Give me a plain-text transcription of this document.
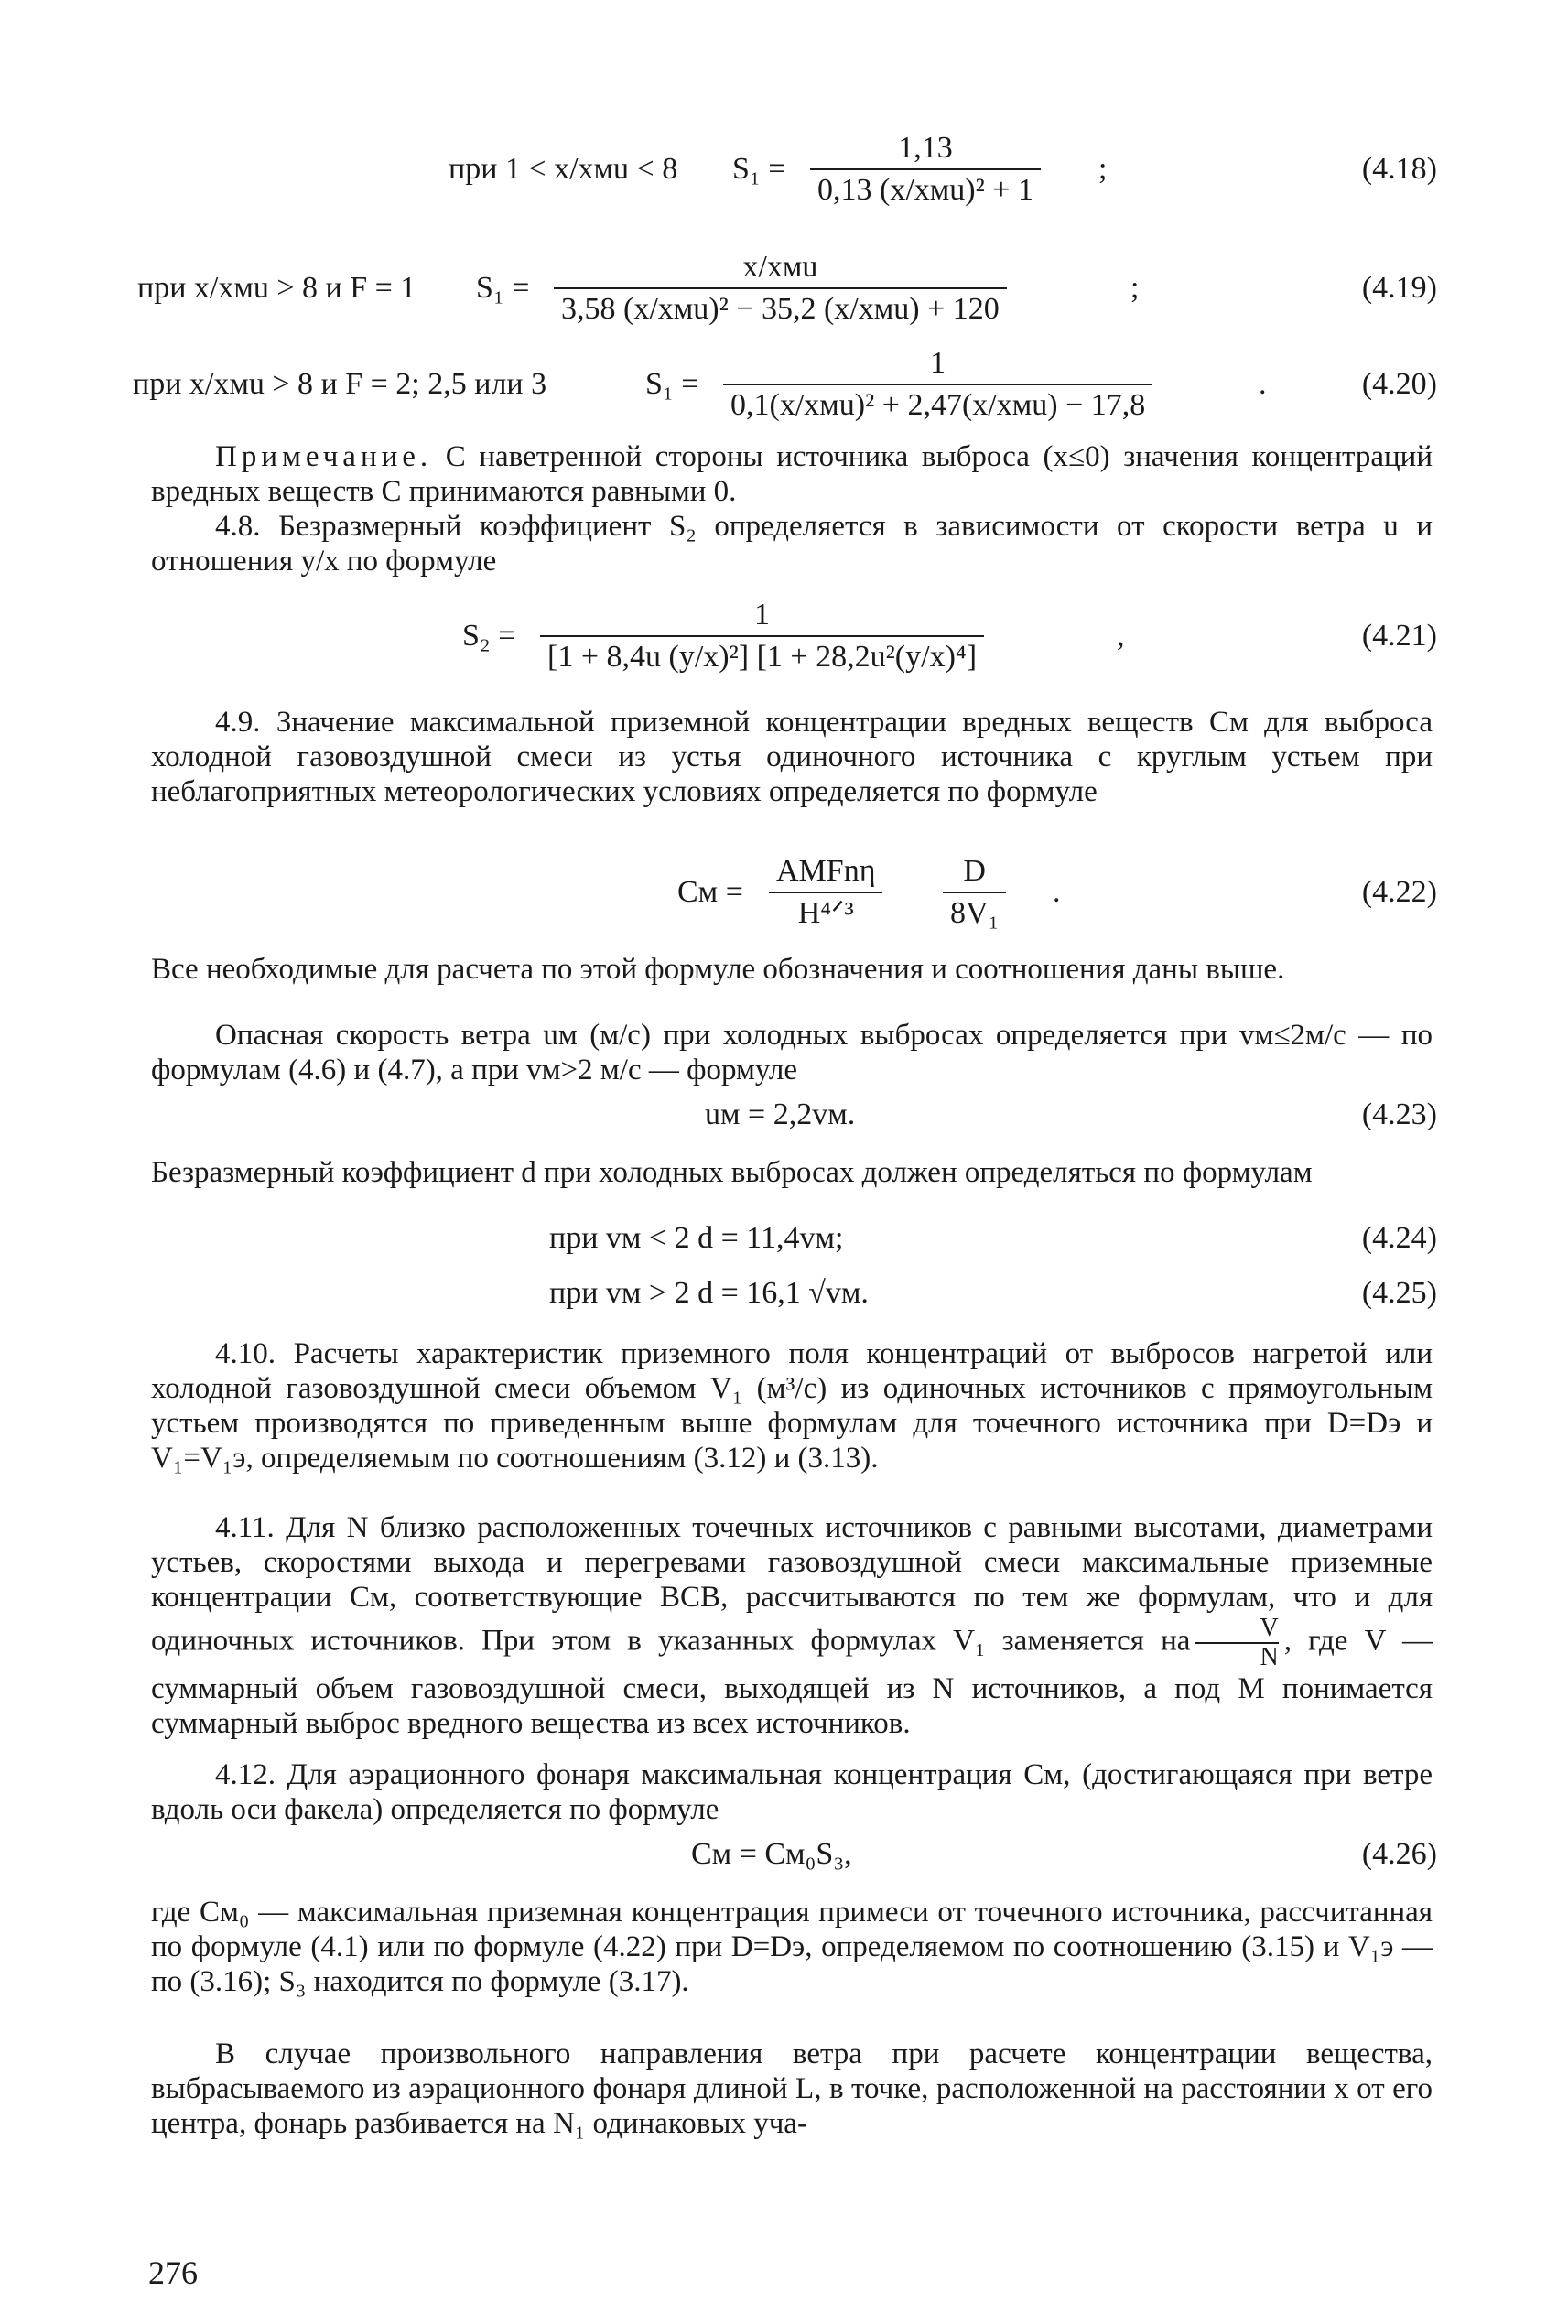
при 1 < x/xмu < 8 S₁ =
1,13
0,13 (x/xмu)² + 1
;	(4.18)
при x/xмu > 8 и F = 1 S₁ =
x/xмu
3,58 (x/xмu)² − 35,2 (x/xмu) + 120
;	(4.19)
при x/xмu > 8 и F = 2; 2,5 или 3	S₁ =
1
0,1(x/xмu)² + 2,47(x/xмu) − 17,8
.	(4.20)
Примечание. С наветренной стороны источника выброса (x≤0) значения концентраций вредных веществ C принимаются равными 0.
4.8. Безразмерный коэффициент S₂ определяется в зависимости от скорости ветра u и отношения y/x по формуле
S₂ =
1
[1 + 8,4u (y/x)²] [1 + 28,2u²(y/x)⁴]
,	(4.21)
4.9. Значение максимальной приземной концентрации вредных веществ Cм для выброса холодной газовоздушной смеси из устья одиночного источника с круглым устьем при неблагоприятных метеорологических условиях определяется по формуле
Cм =
AMFnη
H⁴ᐟ³
D
8V₁
.	(4.22)
Все необходимые для расчета по этой формуле обозначения и соотношения даны выше.
Опасная скорость ветра uм (м/с) при холодных выбросах определяется при vм≤2м/с — по формулам (4.6) и (4.7), а при vм>2 м/с — формуле
uм = 2,2vм.	(4.23)
Безразмерный коэффициент d при холодных выбросах должен определяться по формулам
при vм < 2 d = 11,4vм;	(4.24)
при vм > 2 d = 16,1 √vм.	(4.25)
4.10. Расчеты характеристик приземного поля концентраций от выбросов нагретой или холодной газовоздушной смеси объемом V₁ (м³/с) из одиночных источников с прямоугольным устьем производятся по приведенным выше формулам для точечного источника при D=Dэ и V₁=V₁э, определяемым по соотношениям (3.12) и (3.13).
4.11. Для N близко расположенных точечных источников с равными высотами, диаметрами устьев, скоростями выхода и перегревами газовоздушной смеси максимальные приземные концентрации Cм, соответствующие ВСВ, рассчитываются по тем же формулам, что и для одиночных источников. При этом в указанных формулах V₁ заменяется на $\frac{V}{N}$ , где V — суммарный объем газовоздушной смеси, выходящей из N источников, а под M понимается суммарный выброс вредного вещества из всех источников.
4.12. Для аэрационного фонаря максимальная концентрация Cм, (достигающаяся при ветре вдоль оси факела) определяется по формуле
Cм = Cм₀S₃,	(4.26)
где Cм₀ — максимальная приземная концентрация примеси от точечного источника, рассчитанная по формуле (4.1) или по формуле (4.22) при D=Dэ, определяемом по соотношению (3.15) и V₁э — по (3.16); S₃ находится по формуле (3.17).
В случае произвольного направления ветра при расчете концентрации вещества, выбрасываемого из аэрационного фонаря длиной L, в точке, расположенной на расстоянии x от его центра, фонарь разбивается на N₁ одинаковых уча-
276
